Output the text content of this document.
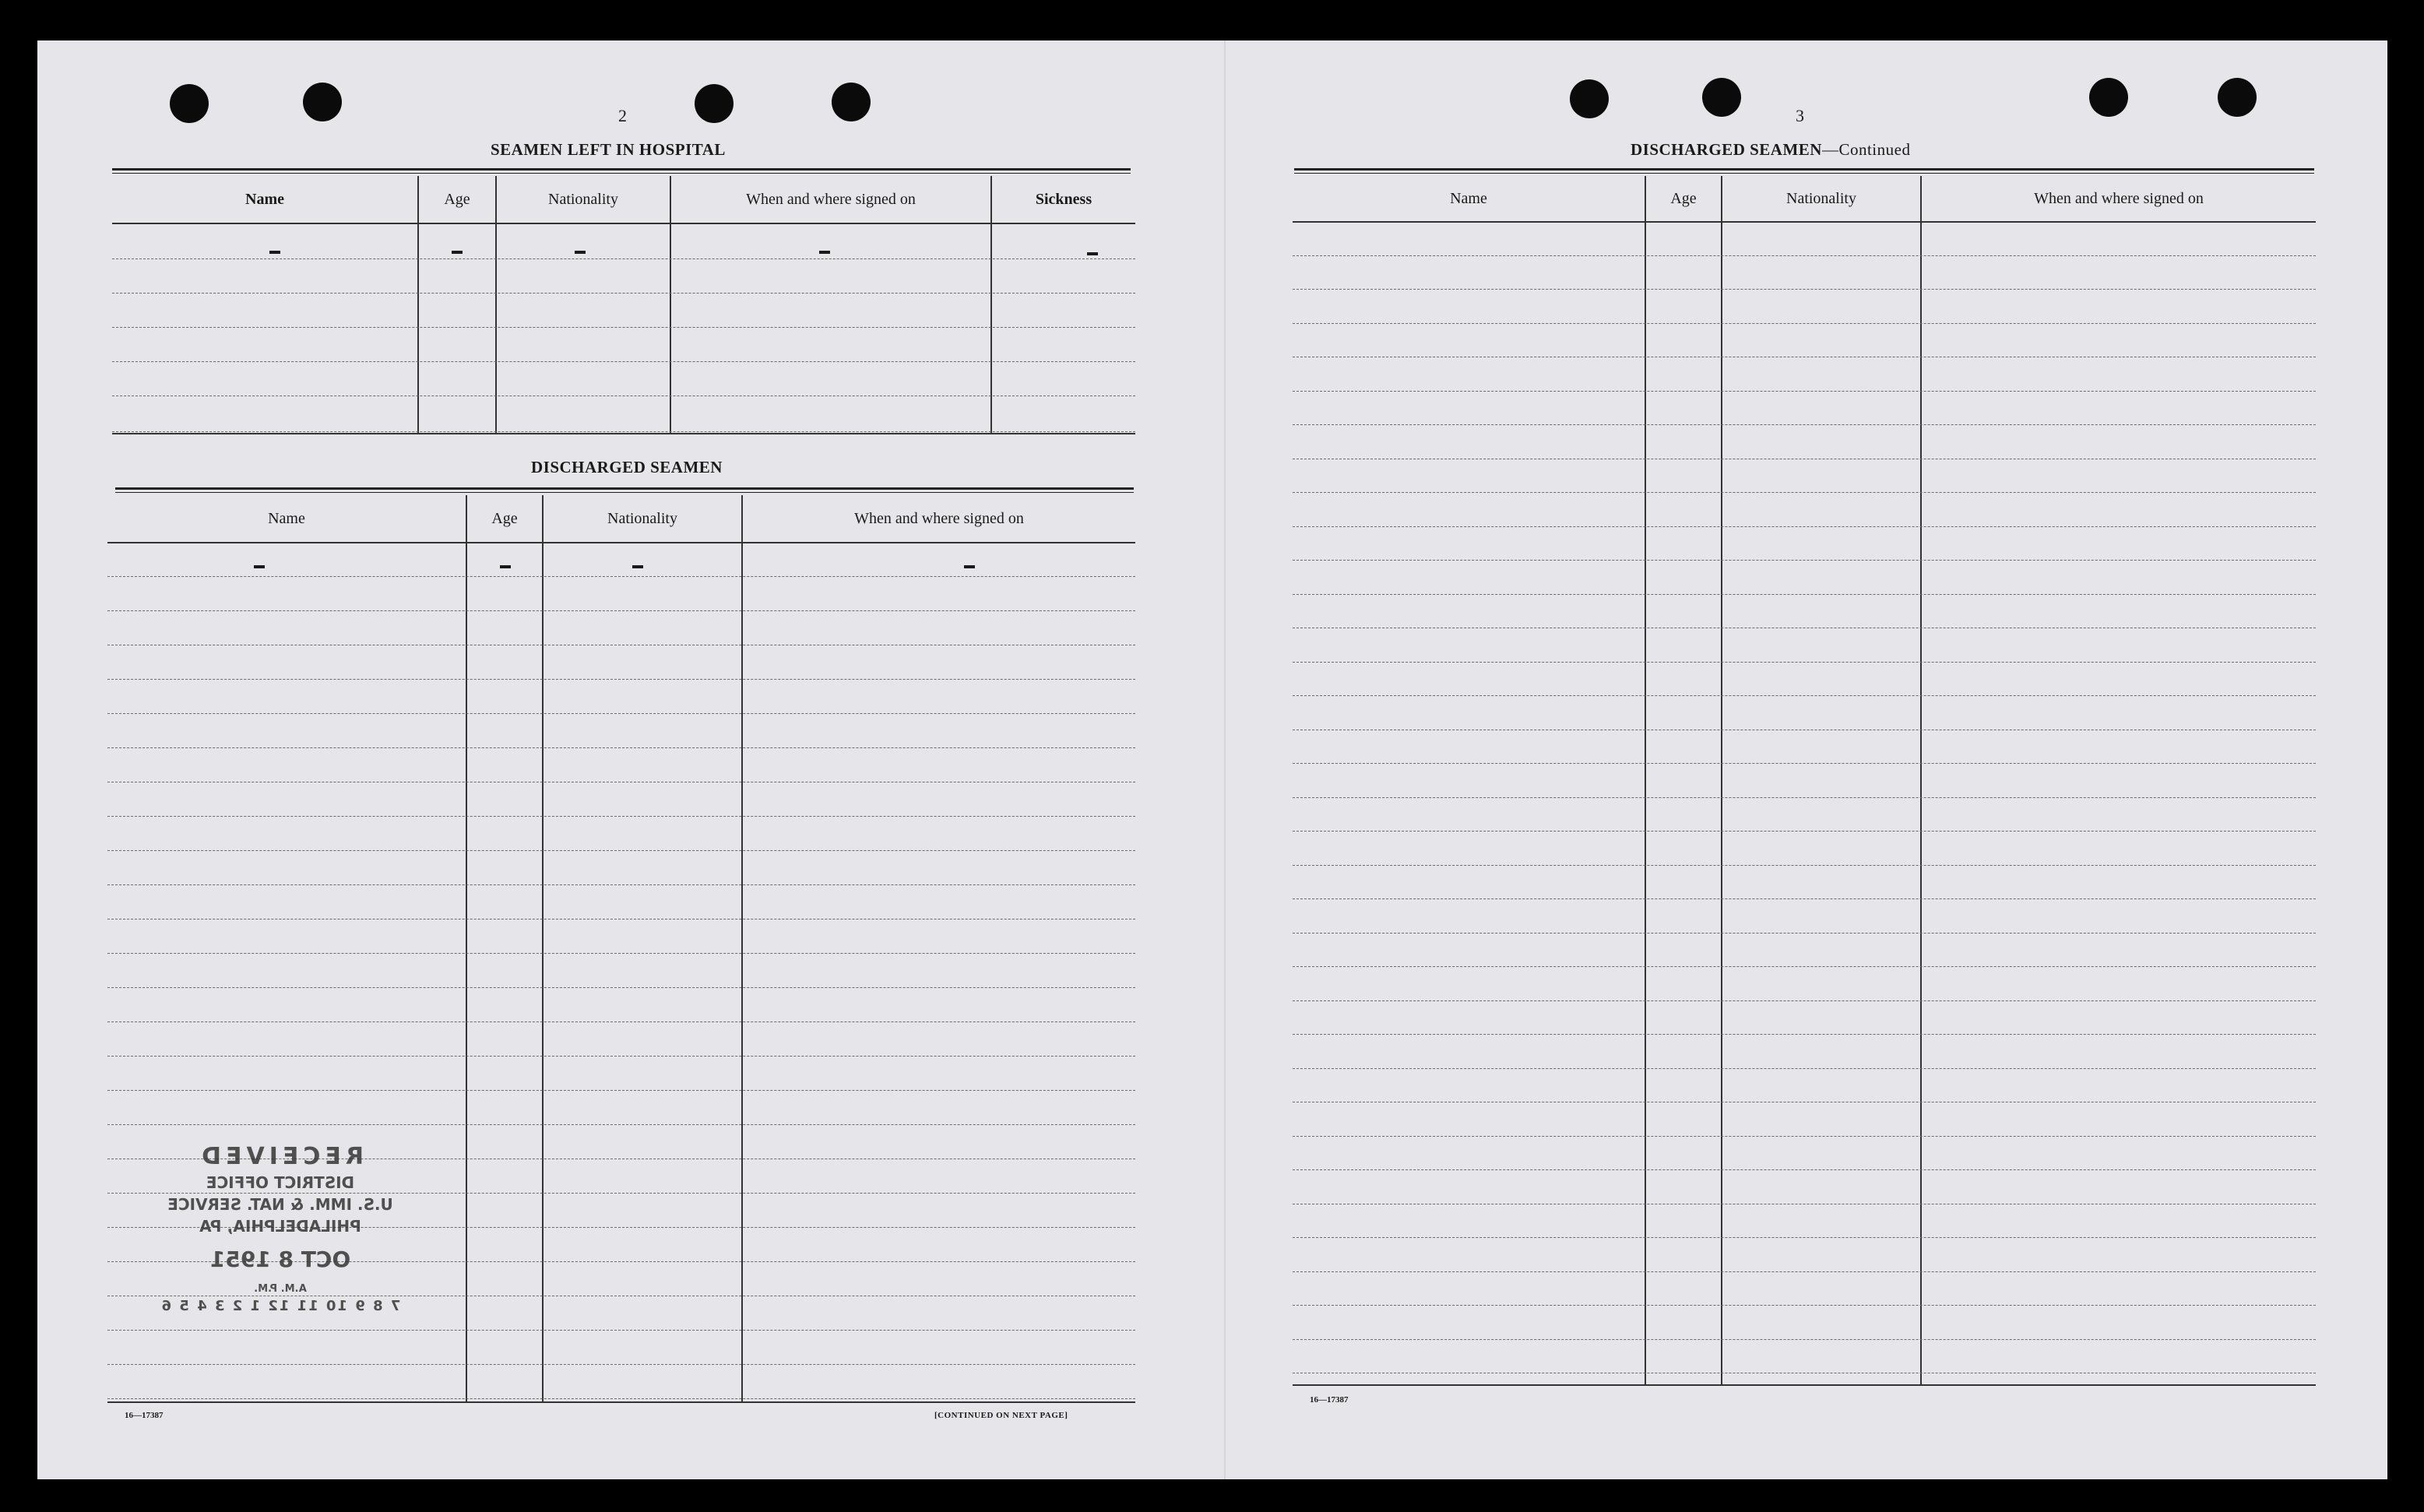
2
SEAMEN LEFT IN HOSPITAL
Name	Age	Nationality	When and where signed on	Sickness
DISCHARGED SEAMEN
Name	Age	Nationality	When and where signed on
RECEIVED
DISTRICT OFFICE
U.S. IMM. & NAT. SERVICE
PHILADELPHIA, PA
OCT 8 1951
A.M. P.M.
7 8 9 10 11 12 1 2 3 4 5 6
16—17387	[CONTINUED ON NEXT PAGE]
3
DISCHARGED SEAMEN—Continued
Name	Age	Nationality	When and where signed on
16—17387
